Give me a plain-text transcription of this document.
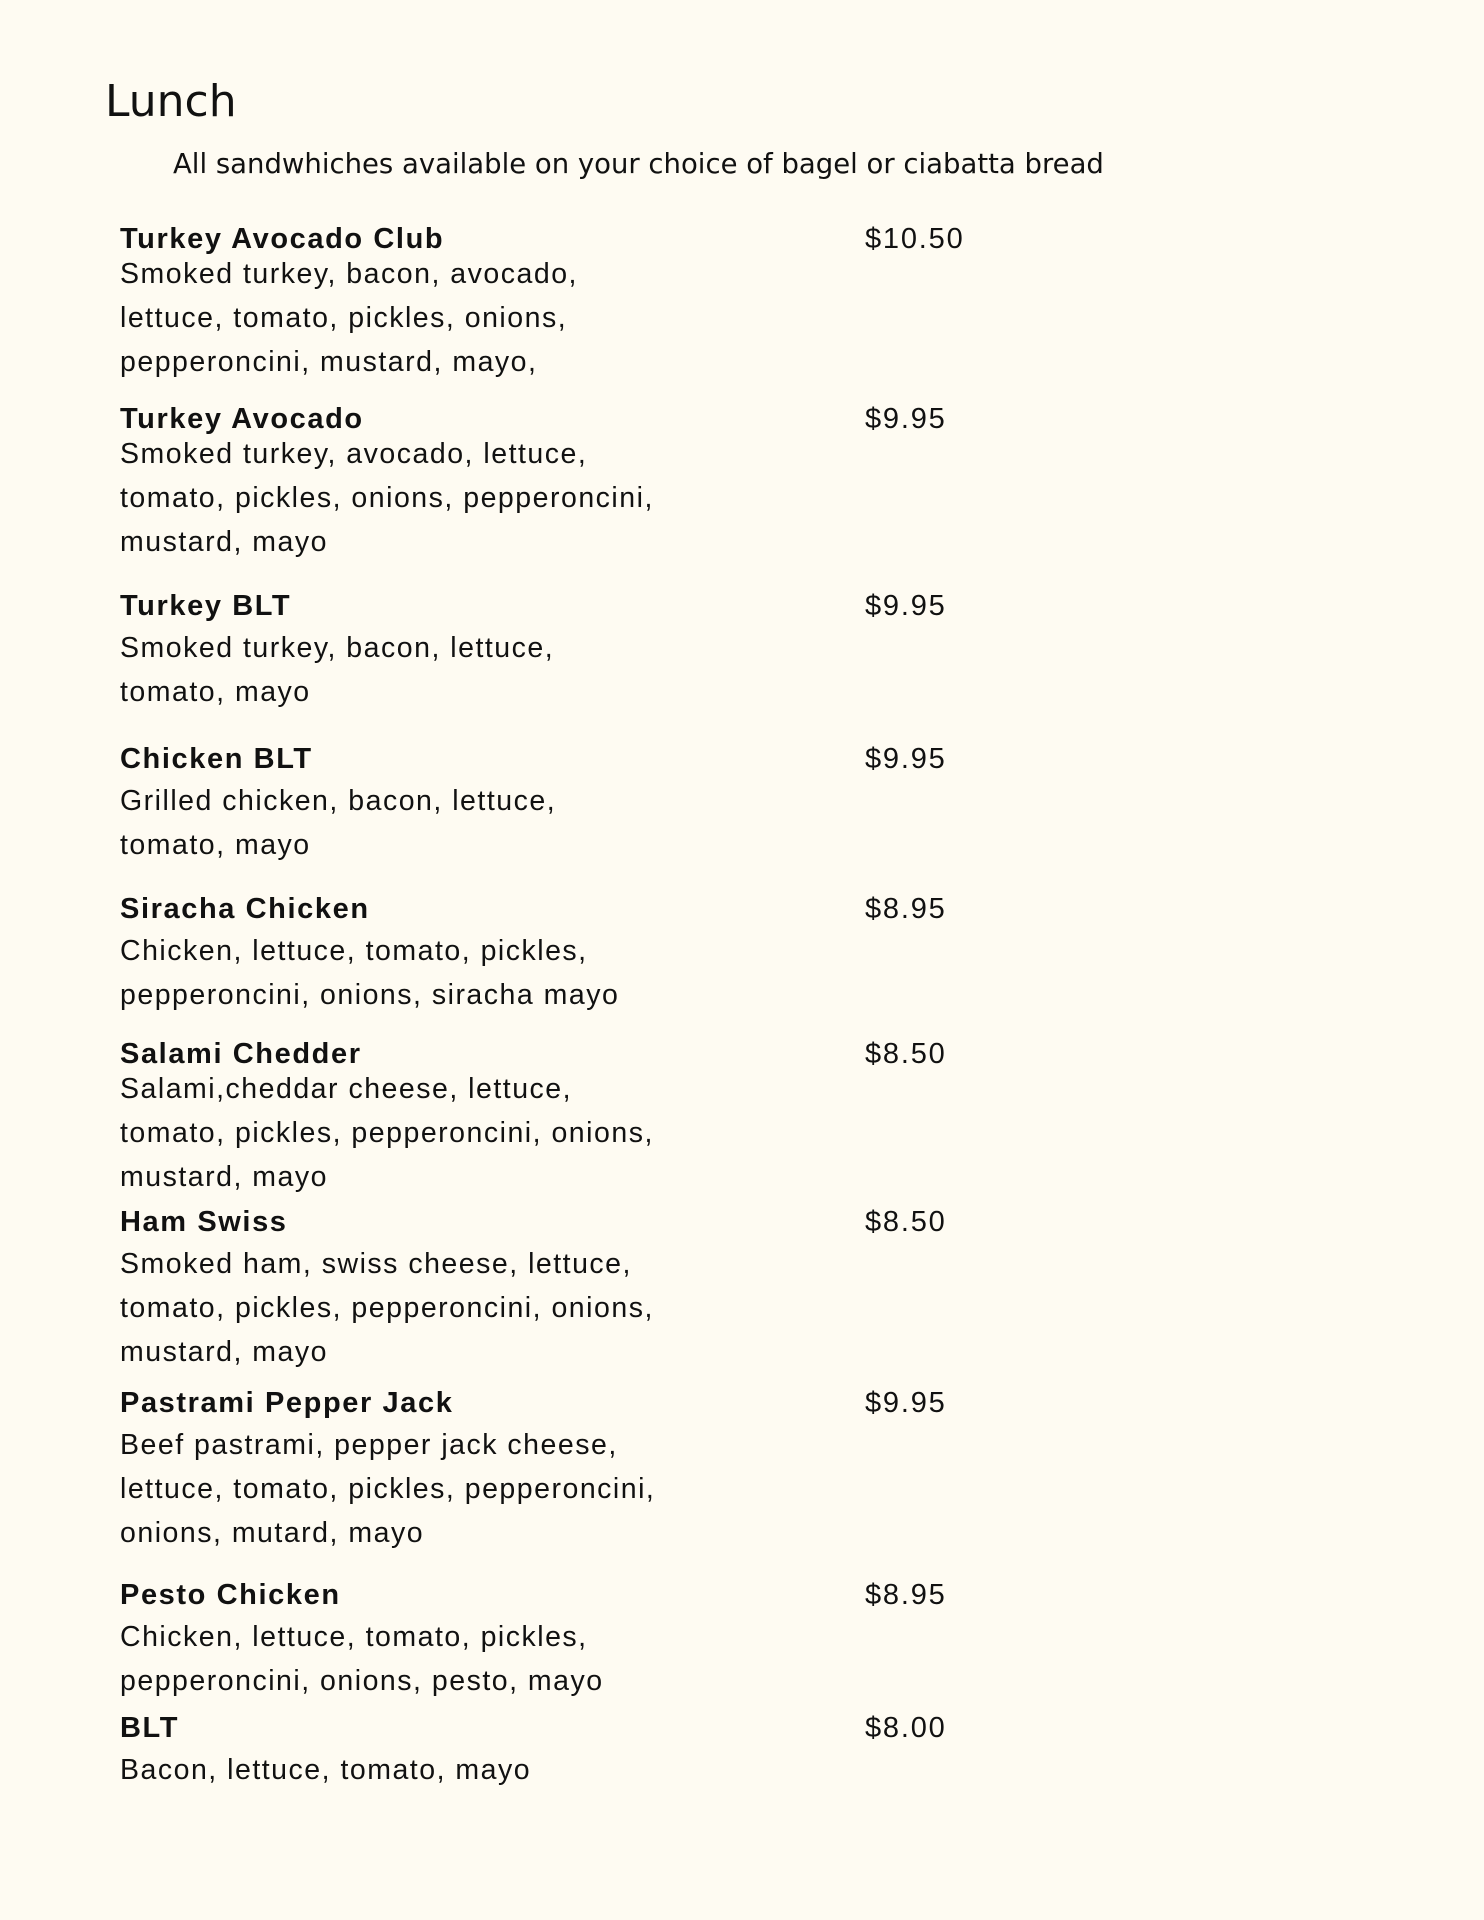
Lunch

All sandwhiches available on your choice of bagel or ciabatta bread

Turkey Avocado Club	$10.50
Smoked turkey, bacon, avocado,
lettuce, tomato, pickles, onions,
pepperoncini, mustard, mayo,
Turkey Avocado	$9.95
Smoked turkey, avocado, lettuce,
tomato, pickles, onions, pepperoncini,
mustard, mayo
Turkey BLT	$9.95
Smoked turkey, bacon, lettuce,
tomato, mayo
Chicken BLT	$9.95
Grilled chicken, bacon, lettuce,
tomato, mayo
Siracha Chicken	$8.95
Chicken, lettuce, tomato, pickles,
pepperoncini, onions, siracha mayo
Salami Chedder	$8.50
Salami,cheddar cheese, lettuce,
tomato, pickles, pepperoncini, onions,
mustard, mayo
Ham Swiss	$8.50
Smoked ham, swiss cheese, lettuce,
tomato, pickles, pepperoncini, onions,
mustard, mayo
Pastrami Pepper Jack	$9.95
Beef pastrami, pepper jack cheese,
lettuce, tomato, pickles, pepperoncini,
onions, mutard, mayo
Pesto Chicken	$8.95
Chicken, lettuce, tomato, pickles,
pepperoncini, onions, pesto, mayo
BLT	$8.00
Bacon, lettuce, tomato, mayo
